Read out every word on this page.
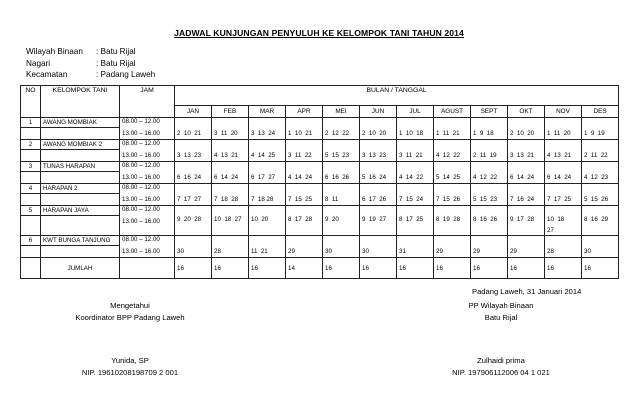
JADWAL KUNJUNGAN PENYULUH KE KELOMPOK TANI TAHUN 2014
Wilayah Binaan	: Batu Rijal
Nagari	: Batu Rijal
Kecamatan	: Padang Laweh
NO	KELOMPOK TANI	JAM	BULAN / TANGGAL											
			JAN	FEB	MAR	APR	MEI	JUN	JUL	AGUST	SEPT	OKT	NOV	DES
1	AWANG MOMBIAK	08.00 – 12.00												
		13.00 – 16.00	2  10  21	3  11  20	3  13  24	1  10  21	2  12  22	2  10  20	1  10  18	1  11  21	1  9  18	2  10  20	1  11  20	1  9  19
2	AWANG MOMBIAK 2	08.00 – 12.00												
		13.00 – 16.00	3  13  23	4  13  21	4  14  25	3  11  22	5  15  23	3  13  23	3  11  21	4  12  22	2  11  19	3  13  21	4  13  21	2  11  22
3	TUNAS HARAPAN	08.00 – 12.00												
		13.00 – 16.00	6  16  24	6  14  24	6  17  27	4  14  24	6  16  26	5  16  24	4  14  22	5  14  25	4  12  22	6  14  24	6  14  24	4  12  23
4	HARAPAN 2	08.00 – 12.00												
		13.00 – 16.00	7  17  27	7  18  28	7  18 28	7  15  25	8  11	6  17  26	7  15  24	7  15  26	5  15  23	7  16  24	7  17  25	5  15  26
5	HARAPAN JAYA	08.00 – 12.00												
		13.00 – 16.00	9  20  28	10  18  27	10  20	8  17  28	9  20	9  19  27	8  17  25	8  19  28	8  16  26	9  17  28	10  18	8  16  29
													27	
6	KWT BUNGA TANJUNG	08.00 – 12.00												
		13.00 – 16.00	30	28	11  21	29	30	30	31	29	29	29	28	30
	JUMLAH		16	16	16	14	16	16	16	16	16	16	16	16
Padang Laweh, 31 Januari 2014
Mengetahui
Koordinator BPP Padang Laweh
Yunida, SP
NIP. 19610208198709 2 001
PP Wilayah Binaan
Batu Rijal
Zulhaidi prima
NIP. 197906112006 04 1 021
